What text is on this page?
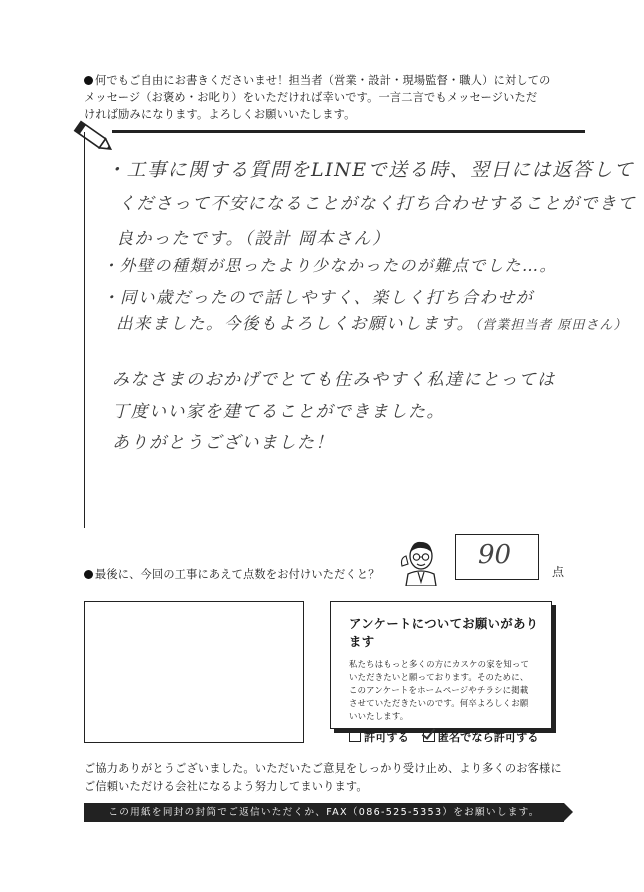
何でもご自由にお書きくださいませ！担当者（営業・設計・現場監督・職人）に対しての
メッセージ（お褒め・お叱り）をいただければ幸いです。一言二言でもメッセージいただ
ければ励みになります。よろしくお願いいたします。
・工事に関する質問をLINEで送る時、翌日には返答して
くださって不安になることがなく打ち合わせすることができて
良かったです。（設計 岡本さん）
・外壁の種類が思ったより少なかったのが難点でした…。
・同い歳だったので話しやすく、楽しく打ち合わせが
出来ました。今後もよろしくお願いします。（営業担当者 原田さん）
みなさまのおかげでとても住みやすく私達にとっては
丁度いい家を建てることができました。
ありがとうございました！
最後に、今回の工事にあえて点数をお付けいただくと？
90
点
アンケートについてお願いがあります
私たちはもっと多くの方にカスケの家を知って
いただきたいと願っております。そのために、
このアンケートをホームページやチラシに掲載
させていただきたいのです。何卒よろしくお願
いいたします。
許可する	匿名でなら許可する
ご協力ありがとうございました。いただいたご意見をしっかり受け止め、より多くのお客様に
ご信頼いただける会社になるよう努力してまいります。
この用紙を同封の封筒でご返信いただくか、FAX（086-525-5353）をお願いします。
